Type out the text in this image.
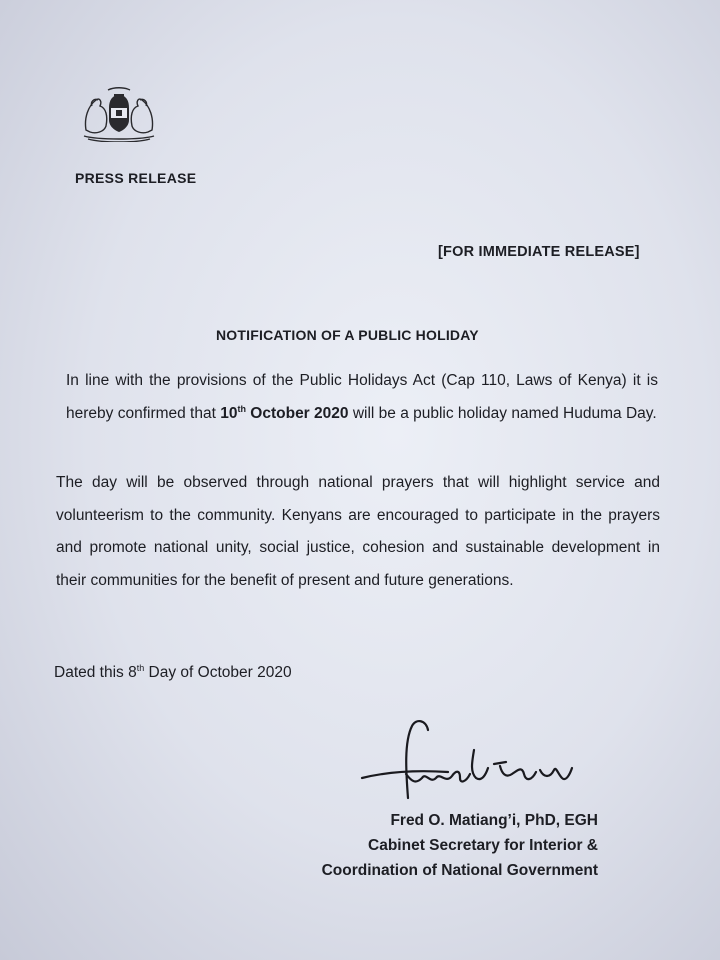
PRESS RELEASE
[FOR IMMEDIATE RELEASE]
NOTIFICATION OF A PUBLIC HOLIDAY
In line with the provisions of the Public Holidays Act (Cap 110, Laws of Kenya) it is hereby confirmed that 10th October 2020 will be a public holiday named Huduma Day.
The day will be observed through national prayers that will highlight service and volunteerism to the community. Kenyans are encouraged to participate in the prayers and promote national unity, social justice, cohesion and sustainable development in their communities for the benefit of present and future generations.
Dated this 8th Day of October 2020
Fred O. Matiang’i, PhD, EGH
Cabinet Secretary for Interior &
Coordination of National Government
